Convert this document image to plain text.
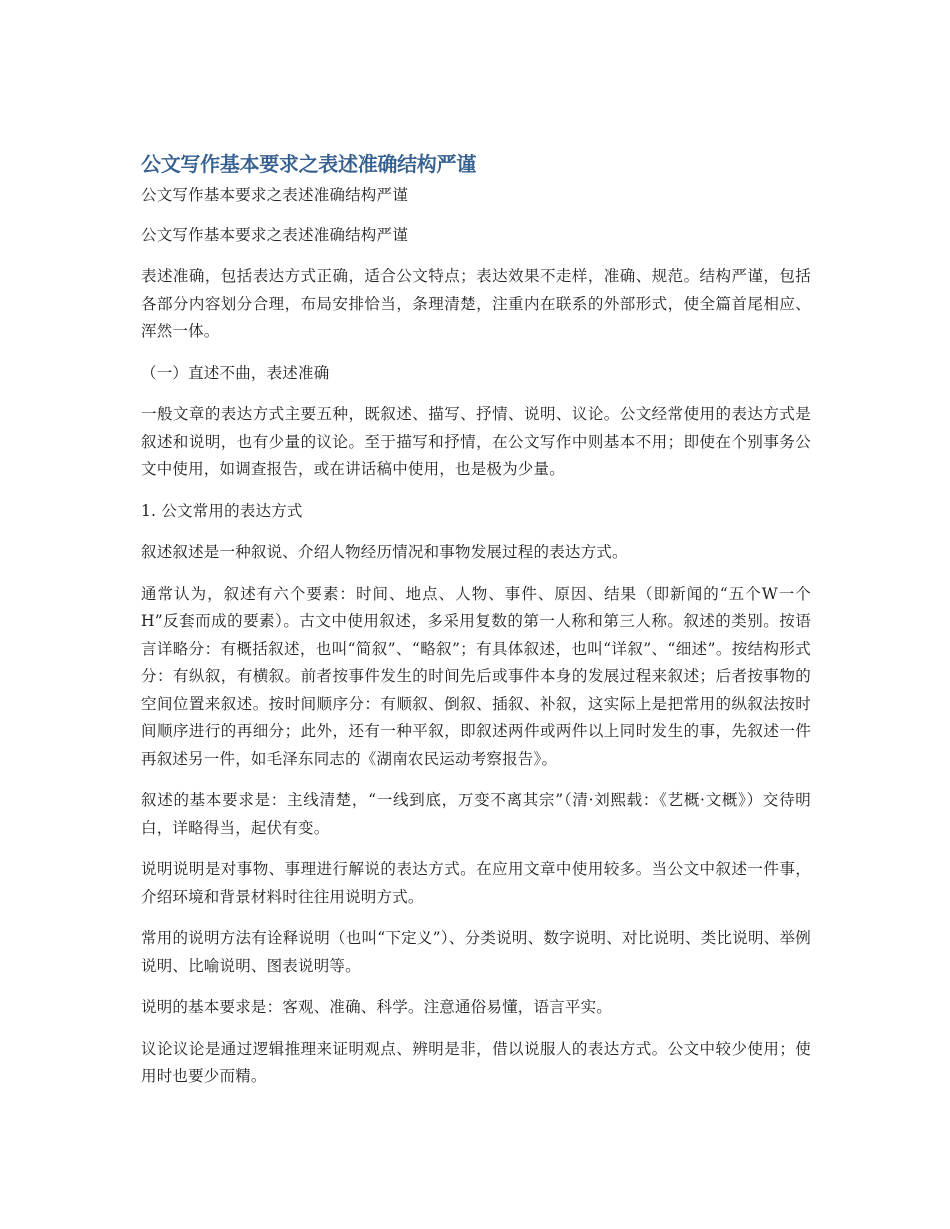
公文写作基本要求之表述准确结构严谨

公文写作基本要求之表述准确结构严谨

公文写作基本要求之表述准确结构严谨

表述准确，包括表达方式正确，适合公文特点；表达效果不走样，准确、规范。结构严谨，包括各部分内容划分合理，布局安排恰当，条理清楚，注重内在联系的外部形式，使全篇首尾相应、浑然一体。

（一）直述不曲，表述准确

一般文章的表达方式主要五种，既叙述、描写、抒情、说明、议论。公文经常使用的表达方式是叙述和说明，也有少量的议论。至于描写和抒情，在公文写作中则基本不用；即使在个别事务公文中使用，如调查报告，或在讲话稿中使用，也是极为少量。

1. 公文常用的表达方式

叙述叙述是一种叙说、介绍人物经历情况和事物发展过程的表达方式。

通常认为，叙述有六个要素：时间、地点、人物、事件、原因、结果（即新闻的“五个W一个H”反套而成的要素）。古文中使用叙述，多采用复数的第一人称和第三人称。叙述的类别。按语言详略分：有概括叙述，也叫“简叙”、“略叙”；有具体叙述，也叫“详叙”、“细述”。按结构形式分：有纵叙，有横叙。前者按事件发生的时间先后或事件本身的发展过程来叙述；后者按事物的空间位置来叙述。按时间顺序分：有顺叙、倒叙、插叙、补叙，这实际上是把常用的纵叙法按时间顺序进行的再细分；此外，还有一种平叙，即叙述两件或两件以上同时发生的事，先叙述一件再叙述另一件，如毛泽东同志的《湖南农民运动考察报告》。

叙述的基本要求是：主线清楚，“一线到底，万变不离其宗”（清·刘熙载：《艺概·文概》）交待明白，详略得当，起伏有变。

说明说明是对事物、事理进行解说的表达方式。在应用文章中使用较多。当公文中叙述一件事，介绍环境和背景材料时往往用说明方式。

常用的说明方法有诠释说明（也叫“下定义”）、分类说明、数字说明、对比说明、类比说明、举例说明、比喻说明、图表说明等。

说明的基本要求是：客观、准确、科学。注意通俗易懂，语言平实。

议论议论是通过逻辑推理来证明观点、辨明是非，借以说服人的表达方式。公文中较少使用；使用时也要少而精。
